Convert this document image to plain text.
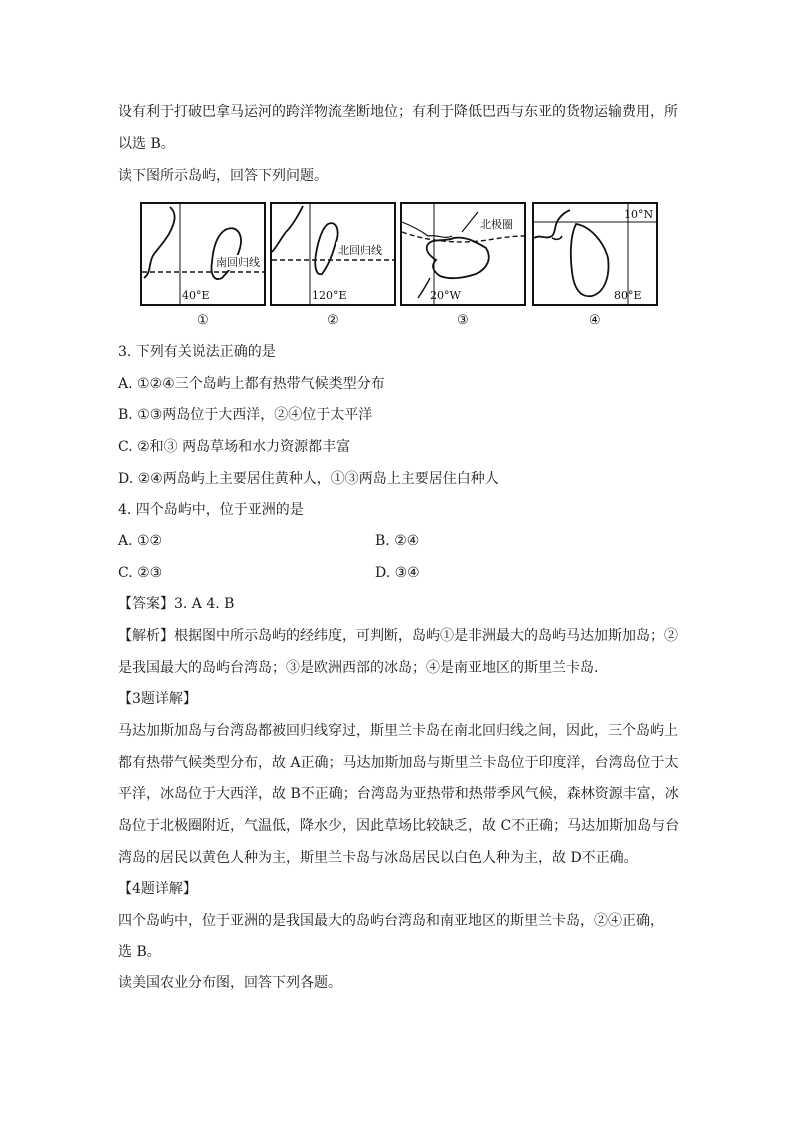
设有利于打破巴拿马运河的跨洋物流垄断地位；有利于降低巴西与东亚的货物运输费用，所
以选 B。
读下图所示岛屿，回答下列问题。
南回归线
40°E
①
北回归线
120°E
②
北极圈
20°W
③
10°N
80°E
④
3. 下列有关说法正确的是
A. ①②④三个岛屿上都有热带气候类型分布
B. ①③两岛位于大西洋，②④位于太平洋
C. ②和③ 两岛草场和水力资源都丰富
D. ②④两岛屿上主要居住黄种人，①③两岛上主要居住白种人
4. 四个岛屿中，位于亚洲的是
A. ①②	B. ②④
C. ②③	D. ③④
【答案】3. A 4. B
【解析】根据图中所示岛屿的经纬度，可判断，岛屿①是非洲最大的岛屿马达加斯加岛；②
是我国最大的岛屿台湾岛；③是欧洲西部的冰岛；④是南亚地区的斯里兰卡岛.
【3题详解】
马达加斯加岛与台湾岛都被回归线穿过，斯里兰卡岛在南北回归线之间，因此，三个岛屿上
都有热带气候类型分布，故 A正确；马达加斯加岛与斯里兰卡岛位于印度洋，台湾岛位于太
平洋，冰岛位于大西洋，故 B不正确；台湾岛为亚热带和热带季风气候，森林资源丰富，冰
岛位于北极圈附近，气温低，降水少，因此草场比较缺乏，故 C不正确；马达加斯加岛与台
湾岛的居民以黄色人种为主，斯里兰卡岛与冰岛居民以白色人种为主，故 D不正确。
【4题详解】
四个岛屿中，位于亚洲的是我国最大的岛屿台湾岛和南亚地区的斯里兰卡岛，②④正确，
选 B。
读美国农业分布图，回答下列各题。
